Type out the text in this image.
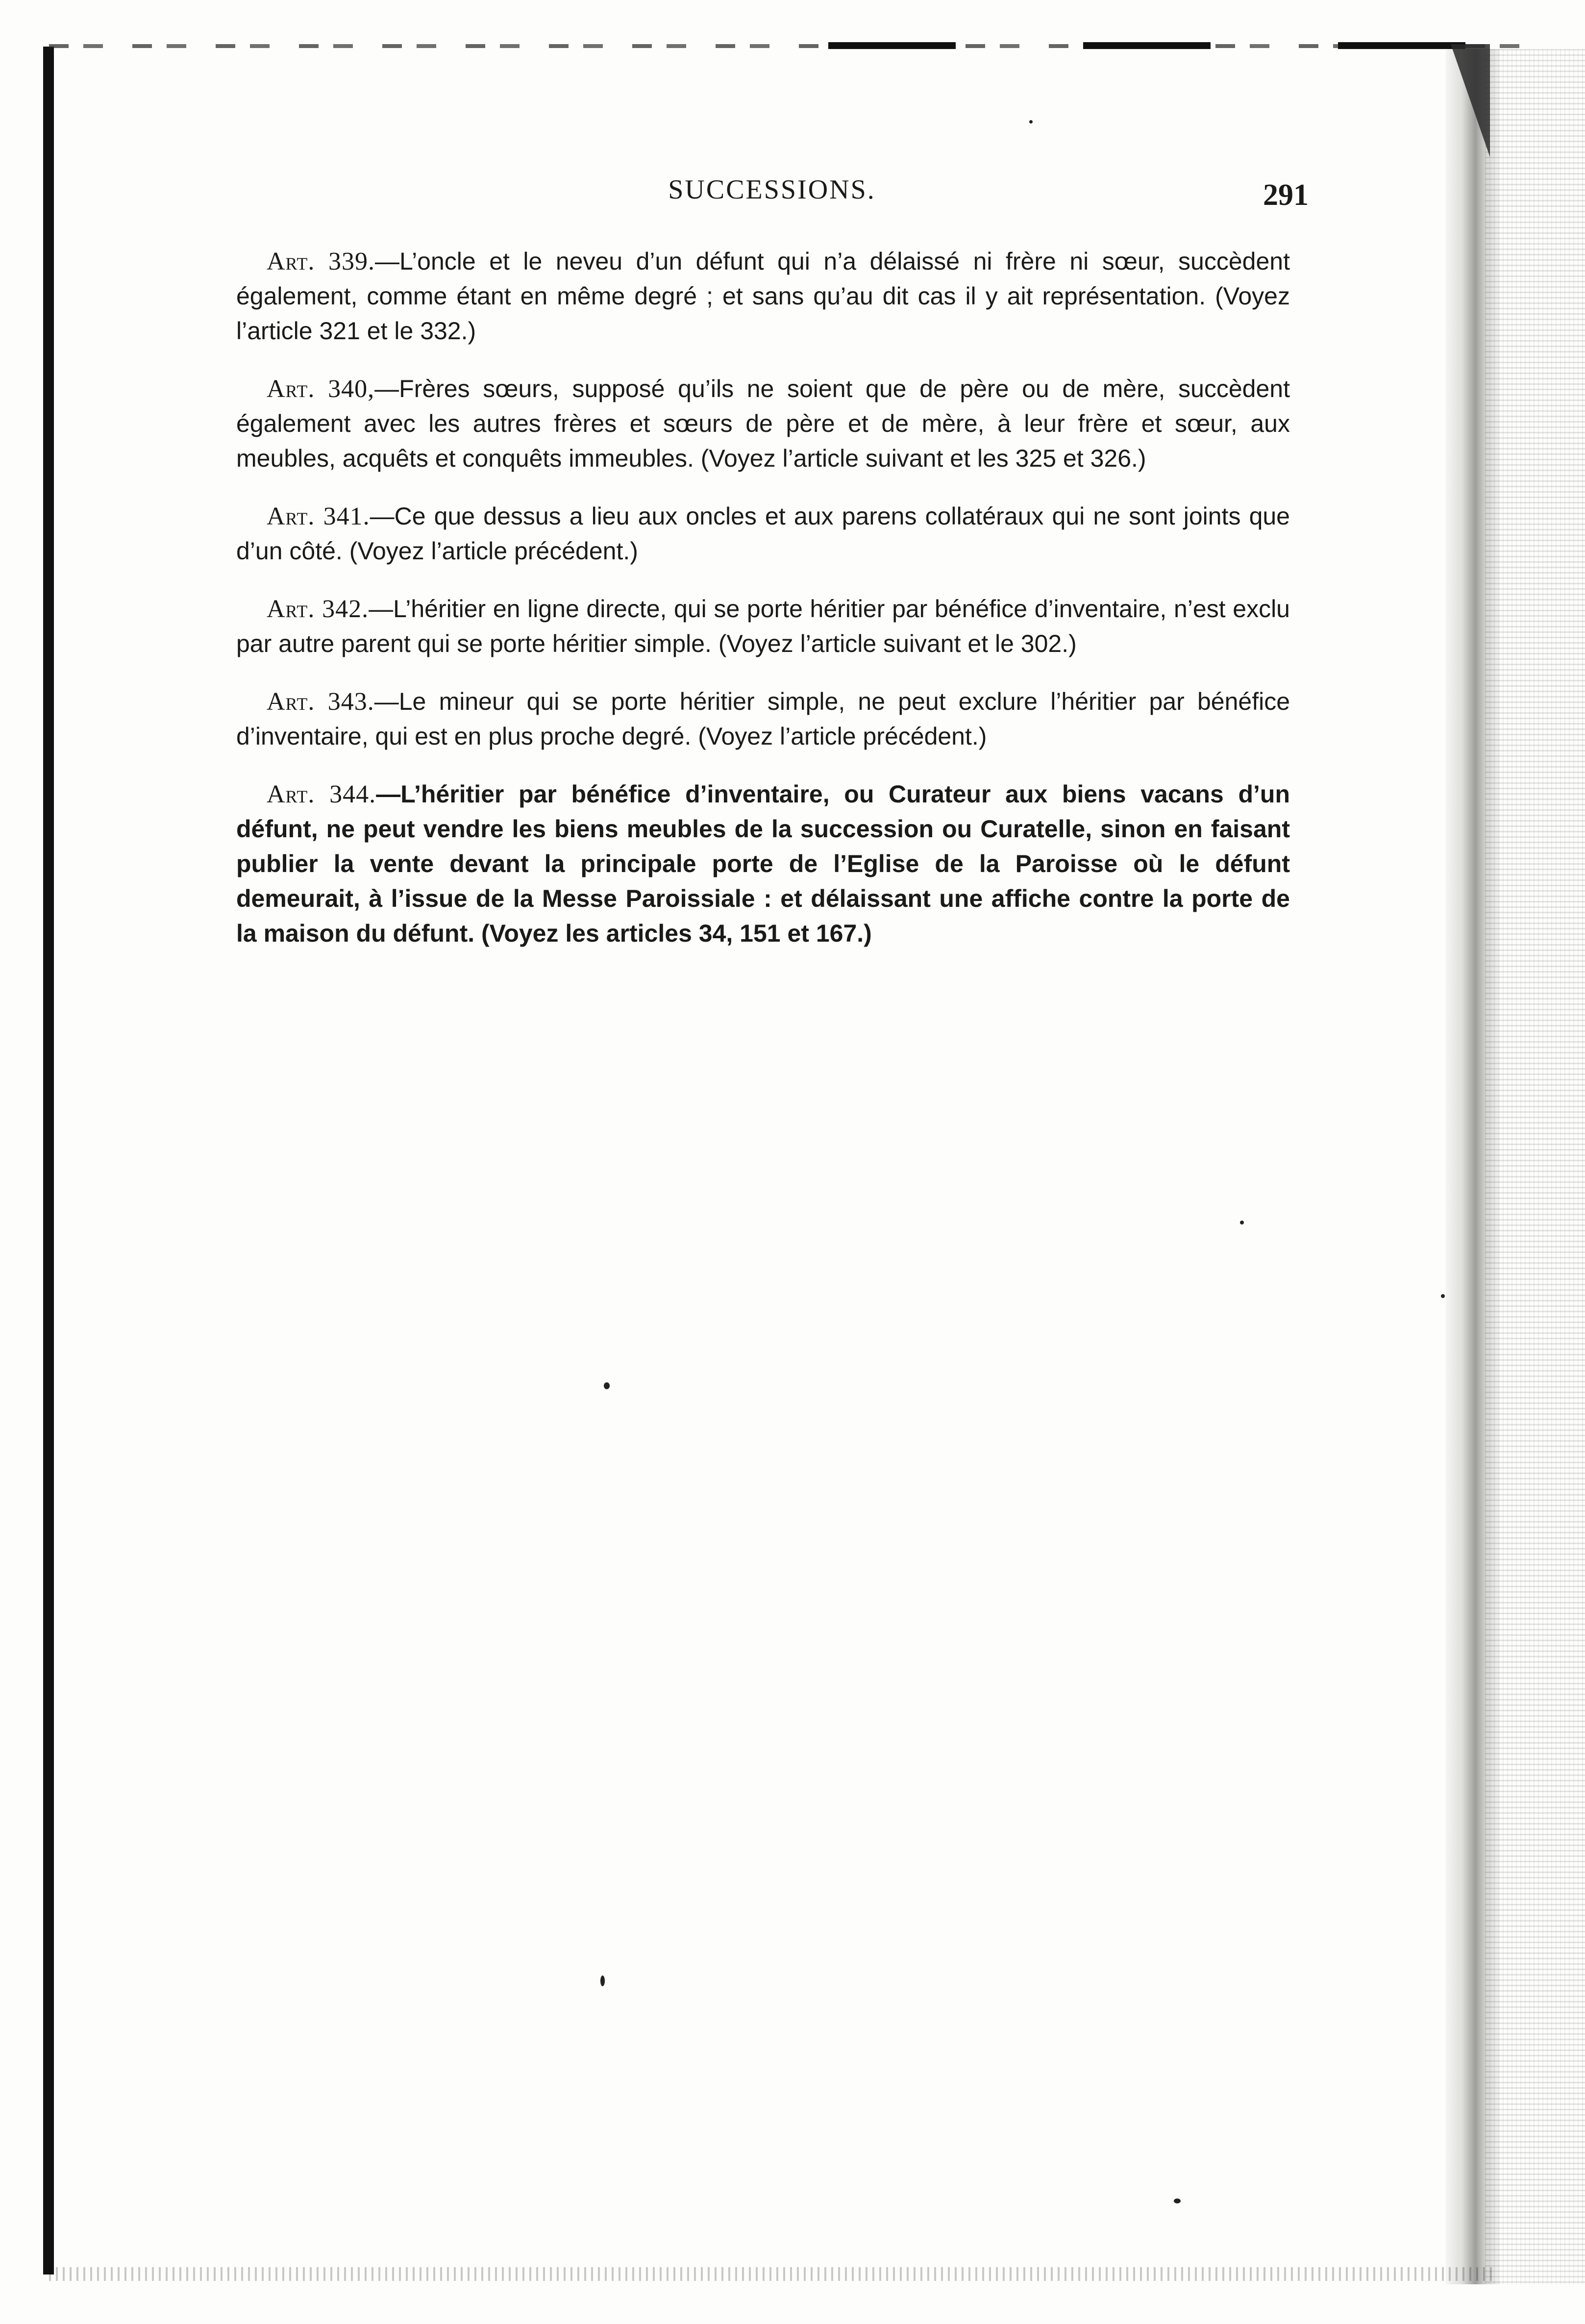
SUCCESSIONS.	291

Art. 339.—L’oncle et le neveu d’un défunt qui n’a délaissé ni frère ni sœur, succèdent également, comme étant en même degré ; et sans qu’au dit cas il y ait représentation. (Voyez l’article 321 et le 332.)

Art. 340,—Frères sœurs, supposé qu’ils ne soient que de père ou de mère, succèdent également avec les autres frères et sœurs de père et de mère, à leur frère et sœur, aux meubles, acquêts et conquêts immeubles. (Voyez l’article suivant et les 325 et 326.)

Art. 341.—Ce que dessus a lieu aux oncles et aux parens collatéraux qui ne sont joints que d’un côté. (Voyez l’article précédent.)

Art. 342.—L’héritier en ligne directe, qui se porte héritier par bénéfice d’inventaire, n’est exclu par autre parent qui se porte héritier simple. (Voyez l’article suivant et le 302.)

Art. 343.—Le mineur qui se porte héritier simple, ne peut exclure l’héritier par bénéfice d’inventaire, qui est en plus proche degré. (Voyez l’article précédent.)

Art. 344.—L’héritier par bénéfice d’inventaire, ou Curateur aux biens vacans d’un défunt, ne peut vendre les biens meubles de la succession ou Curatelle, sinon en faisant publier la vente devant la principale porte de l’Eglise de la Paroisse où le défunt demeurait, à l’issue de la Messe Paroissiale : et délaissant une affiche contre la porte de la maison du défunt. (Voyez les articles 34, 151 et 167.)
